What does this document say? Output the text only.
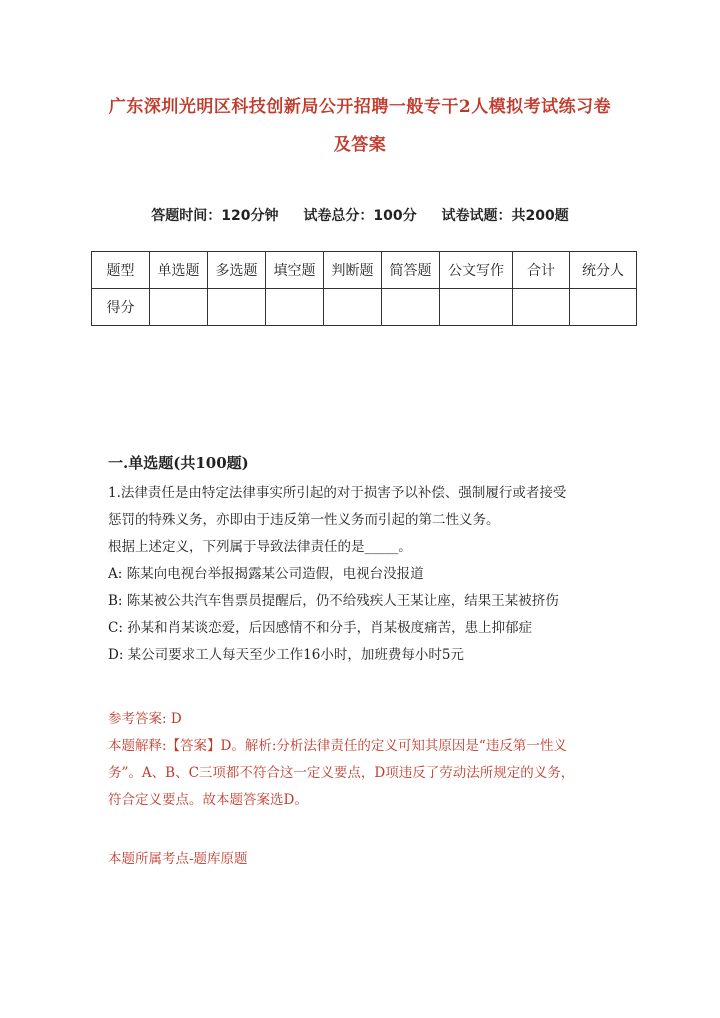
广东深圳光明区科技创新局公开招聘一般专干2人模拟考试练习卷
及答案
答题时间：120分钟 试卷总分：100分 试卷试题：共200题
题型	单选题	多选题	填空题	判断题	简答题	公文写作	合计	统分人
得分								
一.单选题(共100题)
1.法律责任是由特定法律事实所引起的对于损害予以补偿、强制履行或者接受
惩罚的特殊义务，亦即由于违反第一性义务而引起的第二性义务。
根据上述定义，下列属于导致法律责任的是_____。
A: 陈某向电视台举报揭露某公司造假，电视台没报道
B: 陈某被公共汽车售票员提醒后，仍不给残疾人王某让座，结果王某被挤伤
C: 孙某和肖某谈恋爱，后因感情不和分手，肖某极度痛苦，患上抑郁症
D: 某公司要求工人每天至少工作16小时，加班费每小时5元
参考答案: D
本题解释:【答案】D。解析:分析法律责任的定义可知其原因是“违反第一性义
务”。A、B、C三项都不符合这一定义要点，D项违反了劳动法所规定的义务，
符合定义要点。故本题答案选D。
本题所属考点-题库原题
